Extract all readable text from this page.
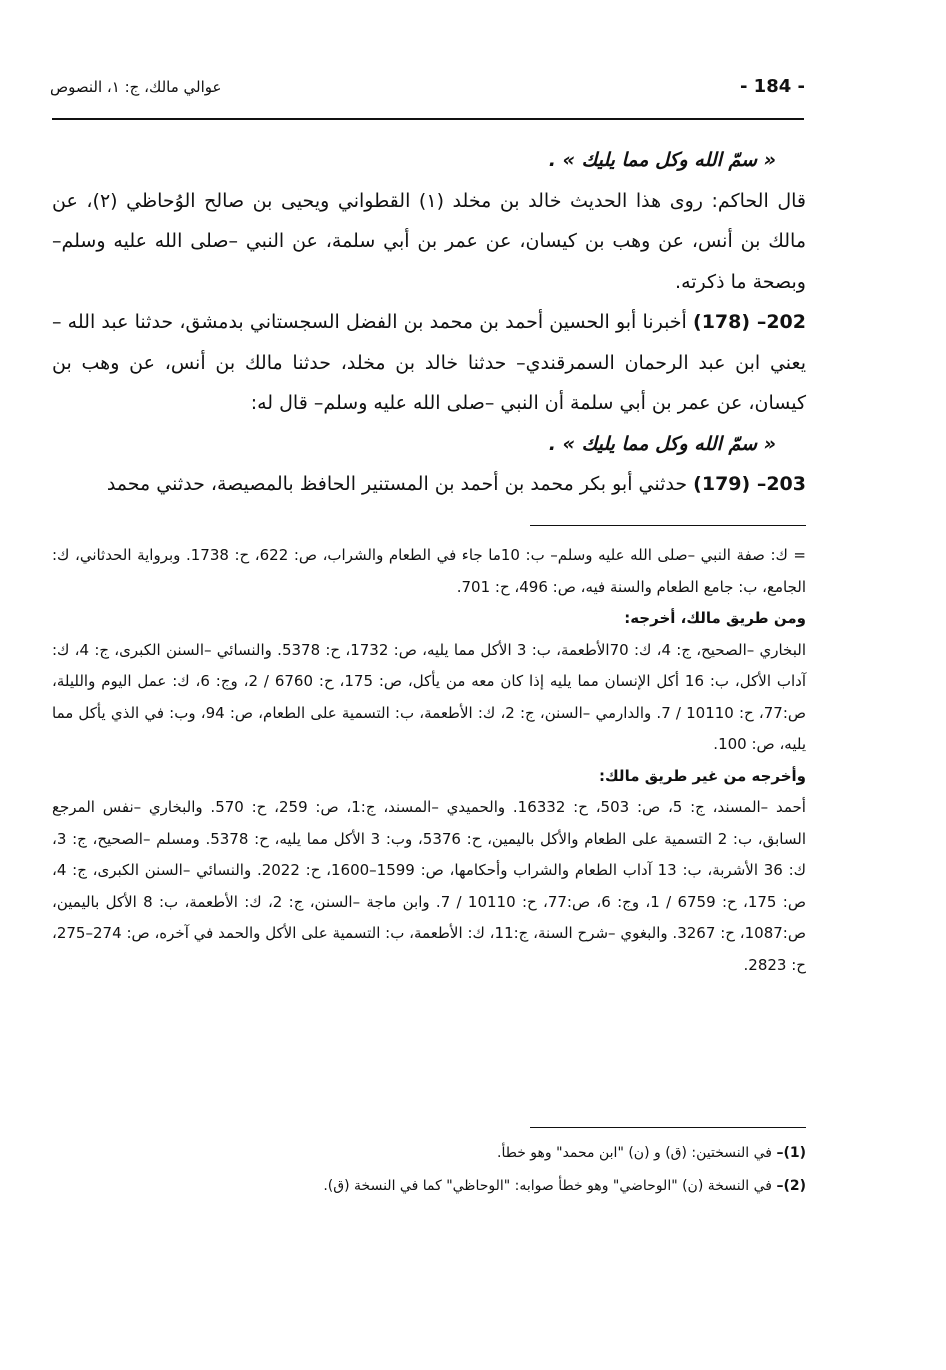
- 184 -
عوالي مالك، ج: ١، النصوص

« سمّ الله وكل مما يليك » .

قال الحاكم: روى هذا الحديث خالد بن مخلد (١) القطواني ويحيى بن صالح الوُحاظي (٢)، عن مالك بن أنس، عن وهب بن كيسان، عن عمر بن أبي سلمة، عن النبي –صلى الله عليه وسلم– وبصحة ما ذكرته.

202– (178) أخبرنا أبو الحسين أحمد بن محمد بن الفضل السجستاني بدمشق، حدثنا عبد الله –يعني ابن عبد الرحمان السمرقندي– حدثنا خالد بن مخلد، حدثنا مالك بن أنس، عن وهب بن كيسان، عن عمر بن أبي سلمة أن النبي –صلى الله عليه وسلم– قال له:

« سمّ الله وكل مما يليك » .

203– (179) حدثني أبو بكر محمد بن أحمد بن المستنير الحافظ بالمصيصة، حدثني محمد

= ك: صفة النبي –صلى الله عليه وسلم– ب: 10ما جاء في الطعام والشراب، ص: 622، ح: 1738. وبرواية الحدثاني، ك: الجامع، ب: جامع الطعام والسنة فيه، ص: 496، ح: 701.

ومن طريق مالك، أخرجه:

البخاري –الصحيح، ج: 4، ك: 70الأطعمة، ب: 3 الأكل مما يليه، ص: 1732، ح: 5378. والنسائي –السنن الكبرى، ج: 4، ك: آداب الأكل، ب: 16 أكل الإنسان مما يليه إذا كان معه من يأكل، ص: 175، ح: 6760 / 2، وج: 6، ك: عمل اليوم والليلة، ص:77، ح: 10110 / 7. والدارمي –السنن، ج: 2، ك: الأطعمة، ب: التسمية على الطعام، ص: 94، وب: في الذي يأكل مما يليه، ص: 100.

وأخرجه من غير طريق مالك:

أحمد –المسند، ج: 5، ص: 503، ح: 16332. والحميدي –المسند، ج:1، ص: 259، ح: 570. والبخاري –نفس المرجع السابق، ب: 2 التسمية على الطعام والأكل باليمين، ح: 5376، وب: 3 الأكل مما يليه، ح: 5378. ومسلم –الصحيح، ج: 3، ك: 36 الأشربة، ب: 13 آداب الطعام والشراب وأحكامها، ص: 1599–1600، ح: 2022. والنسائي –السنن الكبرى، ج: 4، ص: 175، ح: 6759 / 1، وج: 6، ص:77، ح: 10110 / 7. وابن ماجة –السنن، ج: 2، ك: الأطعمة، ب: 8 الأكل باليمين، ص:1087، ح: 3267. والبغوي –شرح السنة، ج:11، ك: الأطعمة، ب: التسمية على الأكل والحمد في آخره، ص: 274–275، ح: 2823.

(1)– في النسختين: (ق) و (ن) "ابن محمد" وهو خطأ.

(2)– في النسخة (ن) "الوحاضي" وهو خطأ صوابه: "الوحاظي" كما في النسخة (ق).
